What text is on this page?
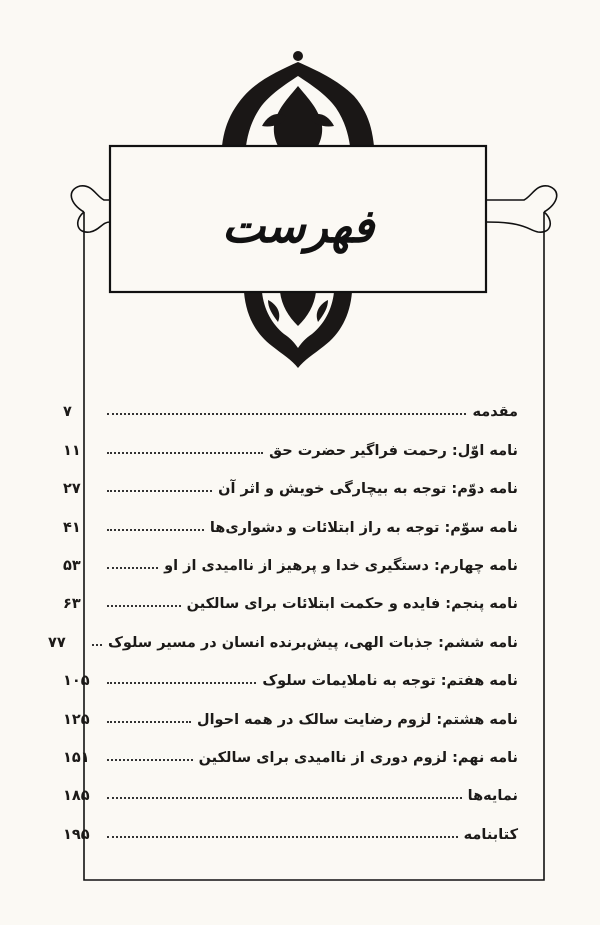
فهرست
مقدمه
۷
نامه اوّل: رحمت فراگیر حضرت حق
۱۱
نامه دوّم: توجه به بیچارگی خویش و اثر آن
۲۷
نامه سوّم: توجه به راز ابتلائات و دشواری‌ها
۴۱
نامه چهارم: دستگیری خدا و پرهیز از ناامیدی از او
۵۳
نامه پنجم: فایده و حکمت ابتلائات برای سالکین
۶۳
نامه ششم: جذبات الهی، پیش‌برنده انسان در مسیر سلوک
۷۷
نامه هفتم: توجه به ناملایمات سلوک
۱۰۵
نامه هشتم: لزوم رضایت سالک در همه احوال
۱۲۵
نامه نهم: لزوم دوری از ناامیدی برای سالکین
۱۵۱
نمایه‌ها
۱۸۵
کتابنامه
۱۹۵
